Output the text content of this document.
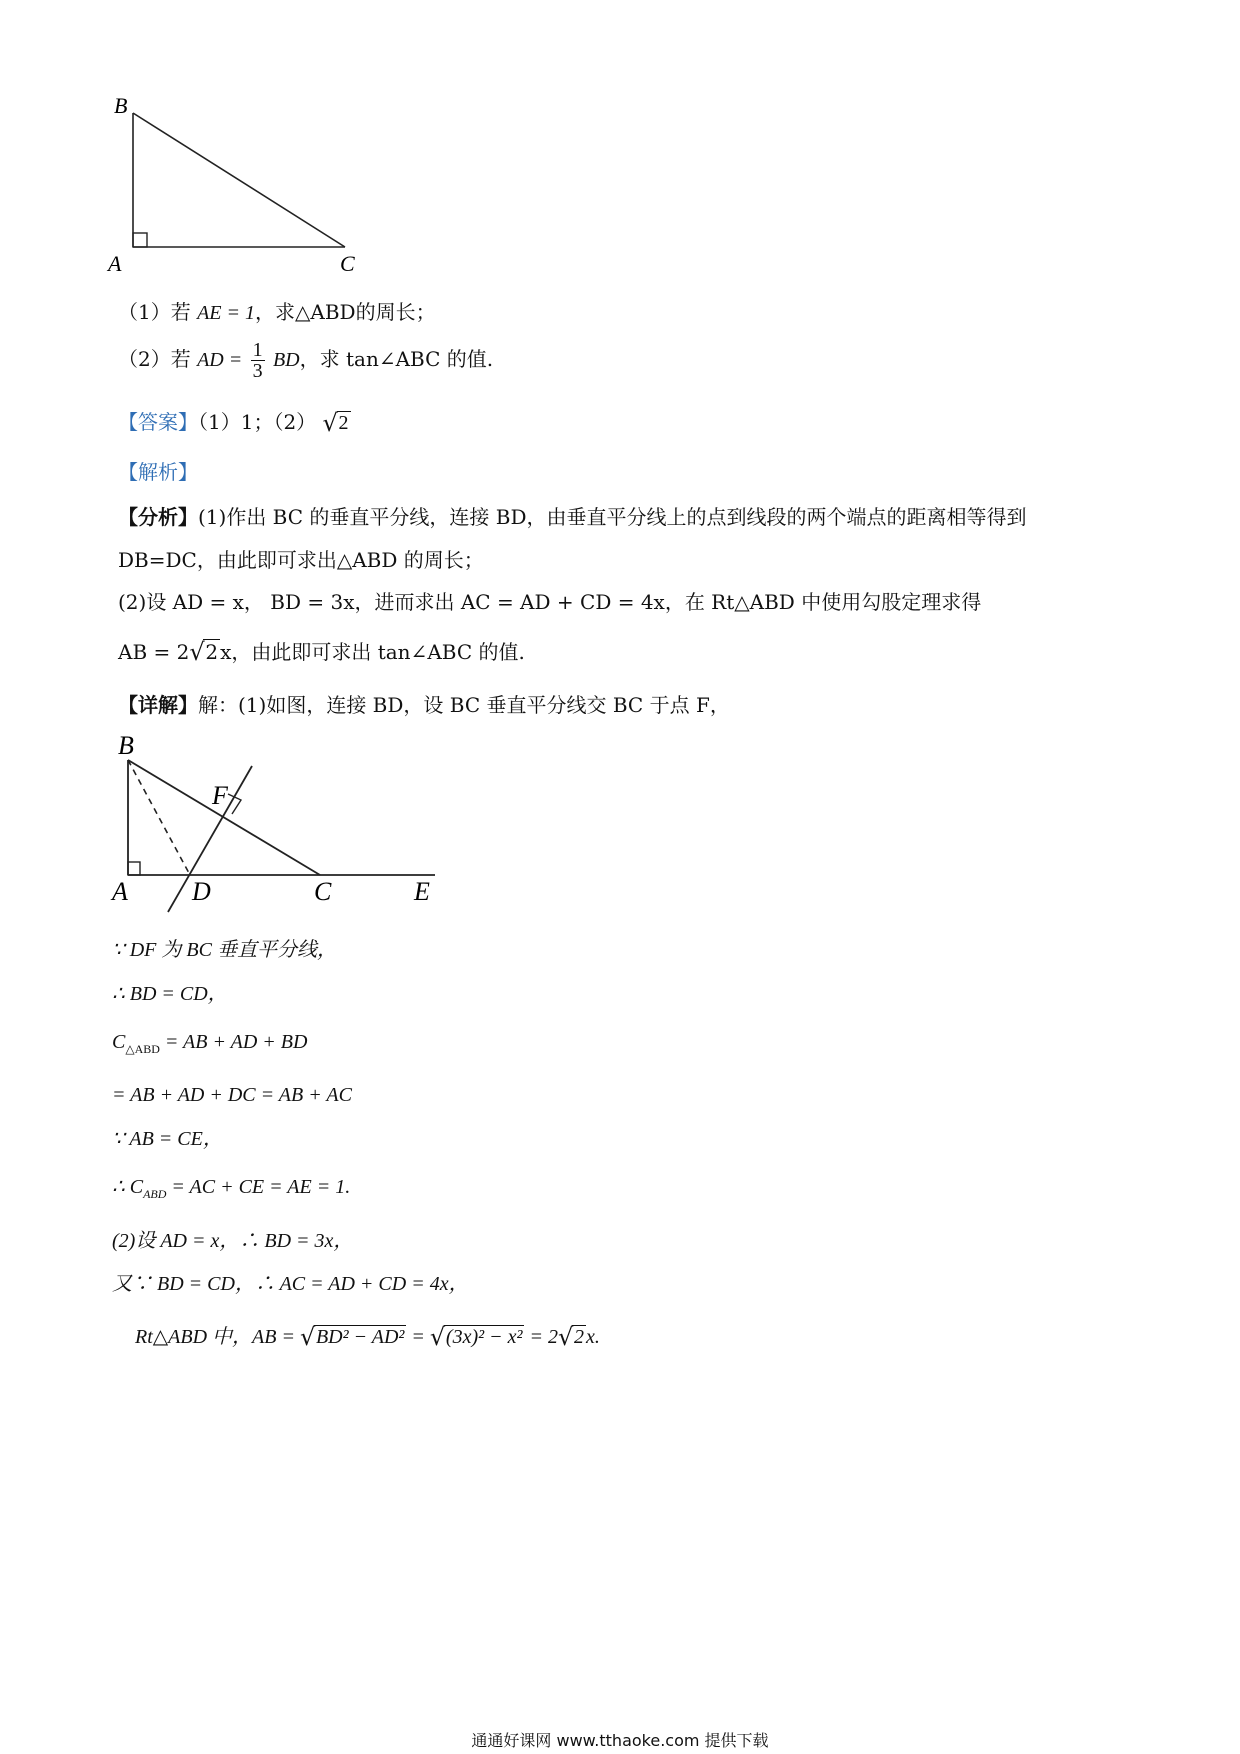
B
A	C
（1）若 AE = 1，求△ABD的周长；
（2）若 AD = $\frac{1}{3}$ BD，求 tan∠ABC 的值.
【答案】（1）1；（2） √ 2
【解析】
【分析】(1)作出 BC 的垂直平分线，连接 BD，由垂直平分线上的点到线段的两个端点的距离相等得到
DB=DC，由此即可求出△ABD 的周长；
(2)设 AD = x， BD = 3x，进而求出 AC = AD + CD = 4x，在 Rt△ABD 中使用勾股定理求得
AB = 2 √ 2 x，由此即可求出 tan∠ABC 的值.
【详解】解：(1)如图，连接 BD，设 BC 垂直平分线交 BC 于点 F，
B
F
A D	C	E
∵ DF 为 BC 垂直平分线，
∴ BD = CD，
$C_{\triangle ABD}$ = AB + AD + BD
= AB + AD + DC = AB + AC
∵ AB = CE，
∴ $C_{ABD}$ = AC + CE = AE = 1.
(2)设 AD = x，∴ BD = 3x，
又∵ BD = CD，∴ AC = AD + CD = 4x，
Rt△ABD 中，AB = √ BD² − AD² = √ (3x)² − x² = 2 √ 2 x.
通通好课网 www.tthaoke.com 提供下载
